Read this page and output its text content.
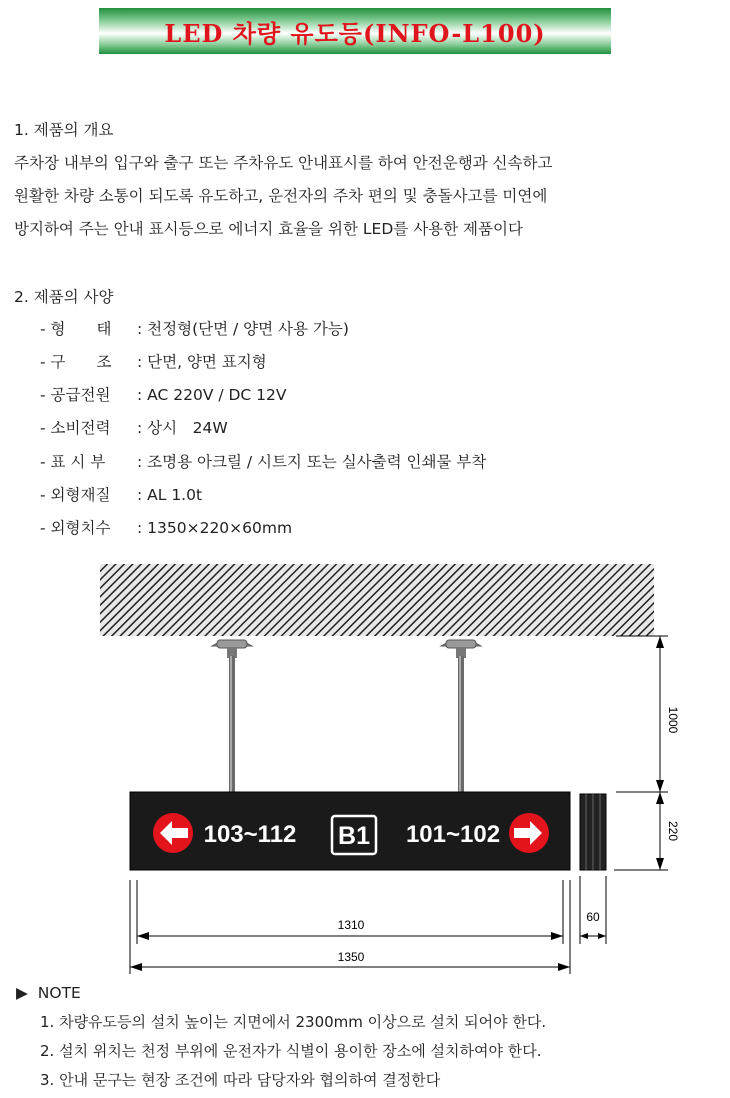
LED 차량 유도등(INFO-L100)
1. 제품의 개요
주차장 내부의 입구와 출구 또는 주차유도 안내표시를 하여 안전운행과 신속하고
원활한 차량 소통이 되도록 유도하고, 운전자의 주차 편의 및 충돌사고를 미연에
방지하여 주는 안내 표시등으로 에너지 효율을 위한 LED를 사용한 제품이다
2. 제품의 사양
- 형　　태 : 천정형(단면 / 양면 사용 가능)
- 구　　조 : 단면, 양면 표지형
- 공급전원 : AC 220V / DC 12V
- 소비전력 : 상시　24W
- 표 시 부 : 조명용 아크릴 / 시트지 또는 실사출력 인쇄물 부착
- 외형재질 : AL 1.0t
- 외형치수 : 1350×220×60mm
103~112 B1 101~102
1000
220
1310
1350
60
▶ NOTE
1. 차량유도등의 설치 높이는 지면에서 2300mm 이상으로 설치 되어야 한다.
2. 설치 위치는 천정 부위에 운전자가 식별이 용이한 장소에 설치하여야 한다.
3. 안내 문구는 현장 조건에 따라 담당자와 협의하여 결정한다
